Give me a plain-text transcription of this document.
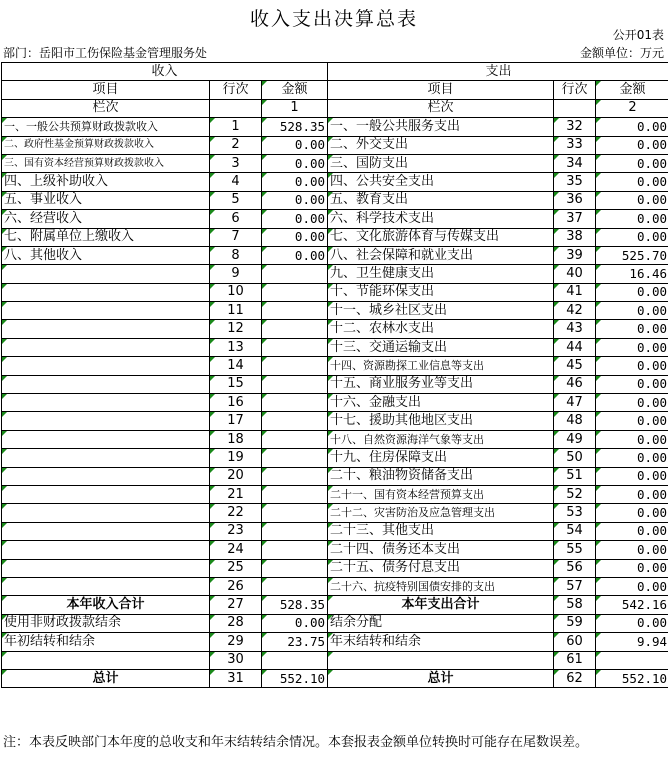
收入支出决算总表
公开01表
部门：岳阳市工伤保险基金管理服务处	金额单位：万元
收入			支出		
项目	行次	金额	项目	行次	金额
栏次		1	栏次		2
一、一般公共预算财政拨款收入	1	528.35	一、一般公共服务支出	32	0.00
二、政府性基金预算财政拨款收入	2	0.00	二、外交支出	33	0.00
三、国有资本经营预算财政拨款收入	3	0.00	三、国防支出	34	0.00
四、上级补助收入	4	0.00	四、公共安全支出	35	0.00
五、事业收入	5	0.00	五、教育支出	36	0.00
六、经营收入	6	0.00	六、科学技术支出	37	0.00
七、附属单位上缴收入	7	0.00	七、文化旅游体育与传媒支出	38	0.00
八、其他收入	8	0.00	八、社会保障和就业支出	39	525.70
	9		九、卫生健康支出	40	16.46
	10		十、节能环保支出	41	0.00
	11		十一、城乡社区支出	42	0.00
	12		十二、农林水支出	43	0.00
	13		十三、交通运输支出	44	0.00
	14		十四、资源勘探工业信息等支出	45	0.00
	15		十五、商业服务业等支出	46	0.00
	16		十六、金融支出	47	0.00
	17		十七、援助其他地区支出	48	0.00
	18		十八、自然资源海洋气象等支出	49	0.00
	19		十九、住房保障支出	50	0.00
	20		二十、粮油物资储备支出	51	0.00
	21		二十一、国有资本经营预算支出	52	0.00
	22		二十二、灾害防治及应急管理支出	53	0.00
	23		二十三、其他支出	54	0.00
	24		二十四、债务还本支出	55	0.00
	25		二十五、债务付息支出	56	0.00
	26		二十六、抗疫特别国债安排的支出	57	0.00
本年收入合计	27	528.35	本年支出合计	58	542.16
使用非财政拨款结余	28	0.00	结余分配	59	0.00
年初结转和结余	29	23.75	年末结转和结余	60	9.94
	30			61	
总计	31	552.10	总计	62	552.10
注：本表反映部门本年度的总收支和年末结转结余情况。本套报表金额单位转换时可能存在尾数误差。
